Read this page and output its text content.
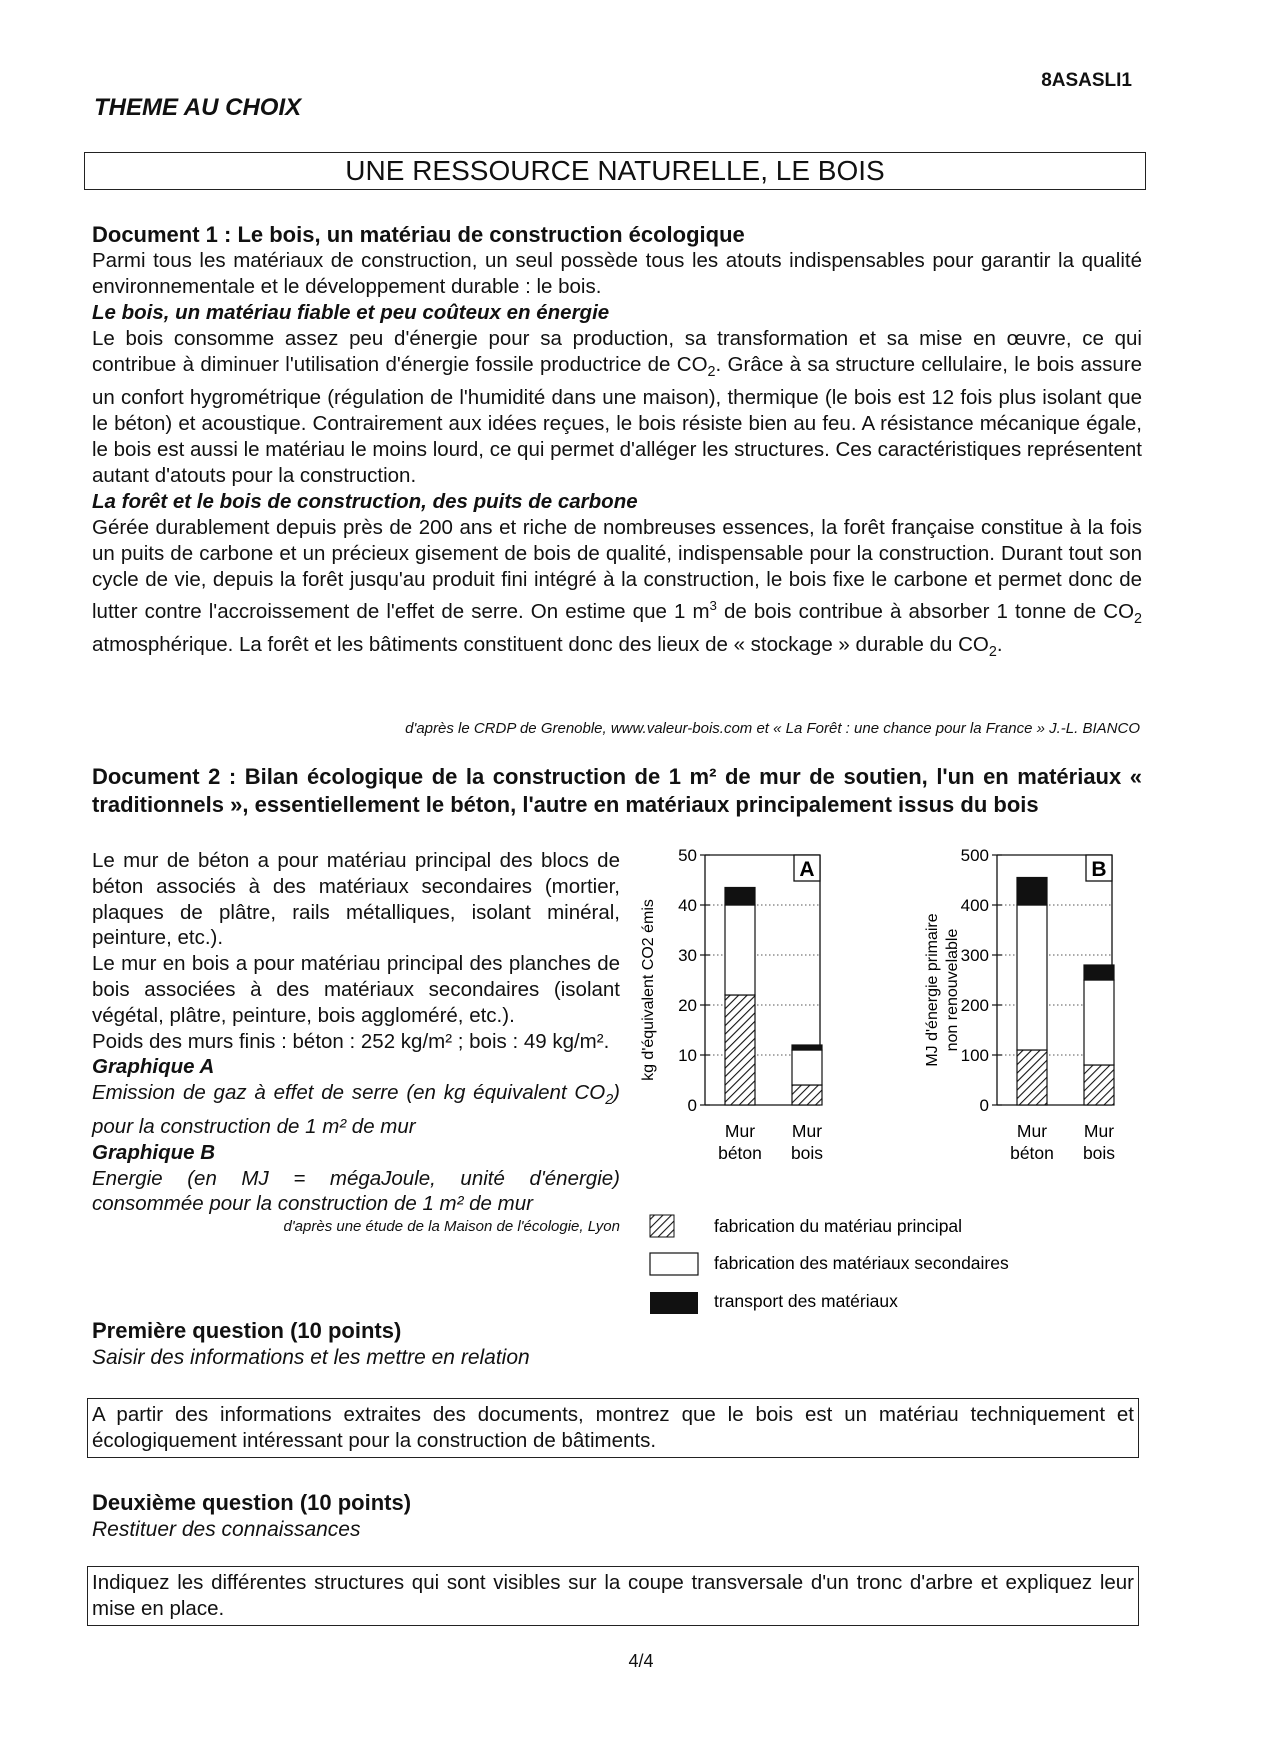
THEME AU CHOIX
8ASASLI1
UNE RESSOURCE NATURELLE, LE BOIS
Document 1 : Le bois, un matériau de construction écologique
Parmi tous les matériaux de construction, un seul possède tous les atouts indispensables pour garantir la qualité environnementale et le développement durable : le bois.
Le bois, un matériau fiable et peu coûteux en énergie
Le bois consomme assez peu d'énergie pour sa production, sa transformation et sa mise en œuvre, ce qui contribue à diminuer l'utilisation d'énergie fossile productrice de $CO_2$. Grâce à sa structure cellulaire, le bois assure un confort hygrométrique (régulation de l'humidité dans une maison), thermique (le bois est 12 fois plus isolant que le béton) et acoustique. Contrairement aux idées reçues, le bois résiste bien au feu. A résistance mécanique égale, le bois est aussi le matériau le moins lourd, ce qui permet d'alléger les structures. Ces caractéristiques représentent autant d'atouts pour la construction.
La forêt et le bois de construction, des puits de carbone
Gérée durablement depuis près de 200 ans et riche de nombreuses essences, la forêt française constitue à la fois un puits de carbone et un précieux gisement de bois de qualité, indispensable pour la construction. Durant tout son cycle de vie, depuis la forêt jusqu'au produit fini intégré à la construction, le bois fixe le carbone et permet donc de lutter contre l'accroissement de l'effet de serre. On estime que 1 $m^3$ de bois contribue à absorber 1 tonne de $CO_2$ atmosphérique. La forêt et les bâtiments constituent donc des lieux de « stockage » durable du $CO_2$.
d'après le CRDP de Grenoble, www.valeur-bois.com et « La Forêt : une chance pour la France » J.-L. BIANCO
Document 2 : Bilan écologique de la construction de 1 m² de mur de soutien, l'un en matériaux « traditionnels », essentiellement le béton, l'autre en matériaux principalement issus du bois
Le mur de béton a pour matériau principal des blocs de béton associés à des matériaux secondaires (mortier, plaques de plâtre, rails métalliques, isolant minéral, peinture, etc.).
Le mur en bois a pour matériau principal des planches de bois associées à des matériaux secondaires (isolant végétal, plâtre, peinture, bois aggloméré, etc.).
Poids des murs finis : béton : 252 kg/m² ; bois : 49 kg/m².
Graphique A
Emission de gaz à effet de serre (en kg équivalent $CO_2$) pour la construction de 1 m² de mur
Graphique B
Energie (en MJ = mégaJoule, unité d'énergie) consommée pour la construction de 1 m² de mur
d'après une étude de la Maison de l'écologie, Lyon
0
10
20
30
40
50
A
kg d'équivalent CO2 émis
Mur
béton
Mur
bois
0
100
200
300
400
500
B
MJ d'énergie primaire non renouvelable
Mur
béton
Mur
bois
fabrication du matériau principal
fabrication des matériaux secondaires
transport des matériaux
Première question (10 points)
Saisir des informations et les mettre en relation
A partir des informations extraites des documents, montrez que le bois est un matériau techniquement et écologiquement intéressant pour la construction de bâtiments.
Deuxième question (10 points)
Restituer des connaissances
Indiquez les différentes structures qui sont visibles sur la coupe transversale d'un tronc d'arbre et expliquez leur mise en place.
4/4
